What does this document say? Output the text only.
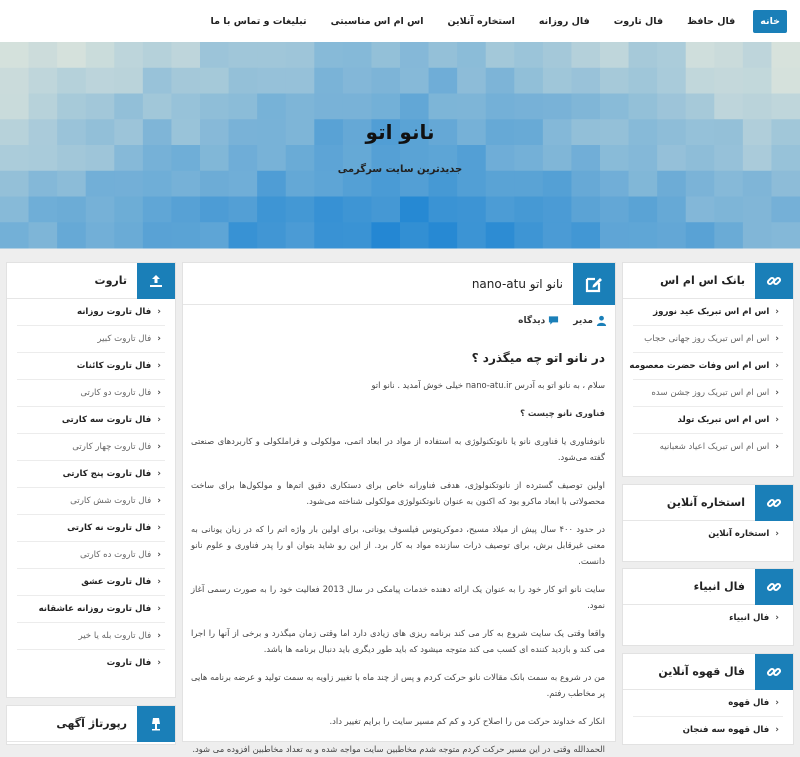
خانه
فال حافظ
فال تاروت
فال روزانه
استخاره آنلاین
اس ام اس مناسبتی
تبلیغات و تماس با ما
نانو اتو
جدیدترین سایت سرگرمی
تاروت
‹فال تاروت روزانه
‹فال تاروت کبیر
‹فال تاروت کائنات
‹فال تاروت دو کارتی
‹فال تاروت سه کارتی
‹فال تاروت چهار کارتی
‹فال تاروت پنج کارتی
‹فال تاروت شش کارتی
‹فال تاروت نه کارتی
‹فال تاروت ده کارتی
‹فال تاروت عشق
‹فال تاروت روزانه عاشقانه
‹فال تاروت بله یا خیر
‹فال تاروت
رپورتاژ آگهی
نانو اتو nano-atu
مدیر
دیدگاه
در نانو اتو چه میگذرد ؟

سلام ، به نانو اتو به آدرس nano-atu.ir خیلی خوش آمدید . نانو اتو

فناوری نانو چیست ؟

نانوفناوری یا فناوری نانو یا نانوتکنولوژی به استفاده از مواد در ابعاد اتمی، مولکولی و فراملکولی و کاربردهای صنعتی گفته می‌شود.

اولین توصیف گسترده از نانوتکنولوژی، هدفی فناورانه خاص برای دستکاری دقیق اتم‌ها و مولکول‌ها برای ساخت محصولاتی با ابعاد ماکرو بود که اکنون به عنوان نانوتکنولوژی مولکولی شناخته می‌شود.

در حدود ۴۰۰ سال پیش از میلاد مسیح، دموکریتوس فیلسوف یونانی، برای اولین بار واژه اتم را که در زبان یونانی به معنی غیرقابل برش، برای توصیف ذرات سازنده مواد به کار برد. از این رو شاید بتوان او را پدر فناوری و علوم نانو دانست.

سایت نانو اتو کار خود را به عنوان یک ارائه دهنده خدمات پیامکی در سال 2013 فعالیت خود را به صورت رسمی آغاز نمود.

واقعا وقتی یک سایت شروع به کار می کند برنامه ریزی های زیادی دارد اما وقتی زمان میگذرد و برخی از آنها را اجرا می کند و بازدید کننده ای کسب می کند متوجه میشود که باید طور دیگری باید دنبال برنامه ها باشد.

من در شروع به سمت بانک مقالات نانو حرکت کردم و پس از چند ماه با تغییر زاویه به سمت تولید و عرضه برنامه هایی پر مخاطب رفتم.

انکار که خداوند حرکت من را اصلاح کرد و کم کم مسیر سایت را برایم تغییر داد.

الحمدالله وقتی در این مسیر حرکت کردم متوجه شدم مخاطبین سایت مواجه شده و به تعداد مخاطبین افزوده می شود.

بانک اس ام اس
‹اس ام اس تبریک عید نوروز
‹اس ام اس تبریک روز جهانی حجاب
‹اس ام اس وفات حضرت معصومه
‹اس ام اس تبریک روز جشن سده
‹اس ام اس تبریک تولد
‹اس ام اس تبریک اعیاد شعبانیه
استخاره آنلاین
‹استخاره آنلاین
فال انبیاء
‹فال انبیاء
فال قهوه آنلاین
‹فال قهوه
‹فال قهوه سه فنجان
